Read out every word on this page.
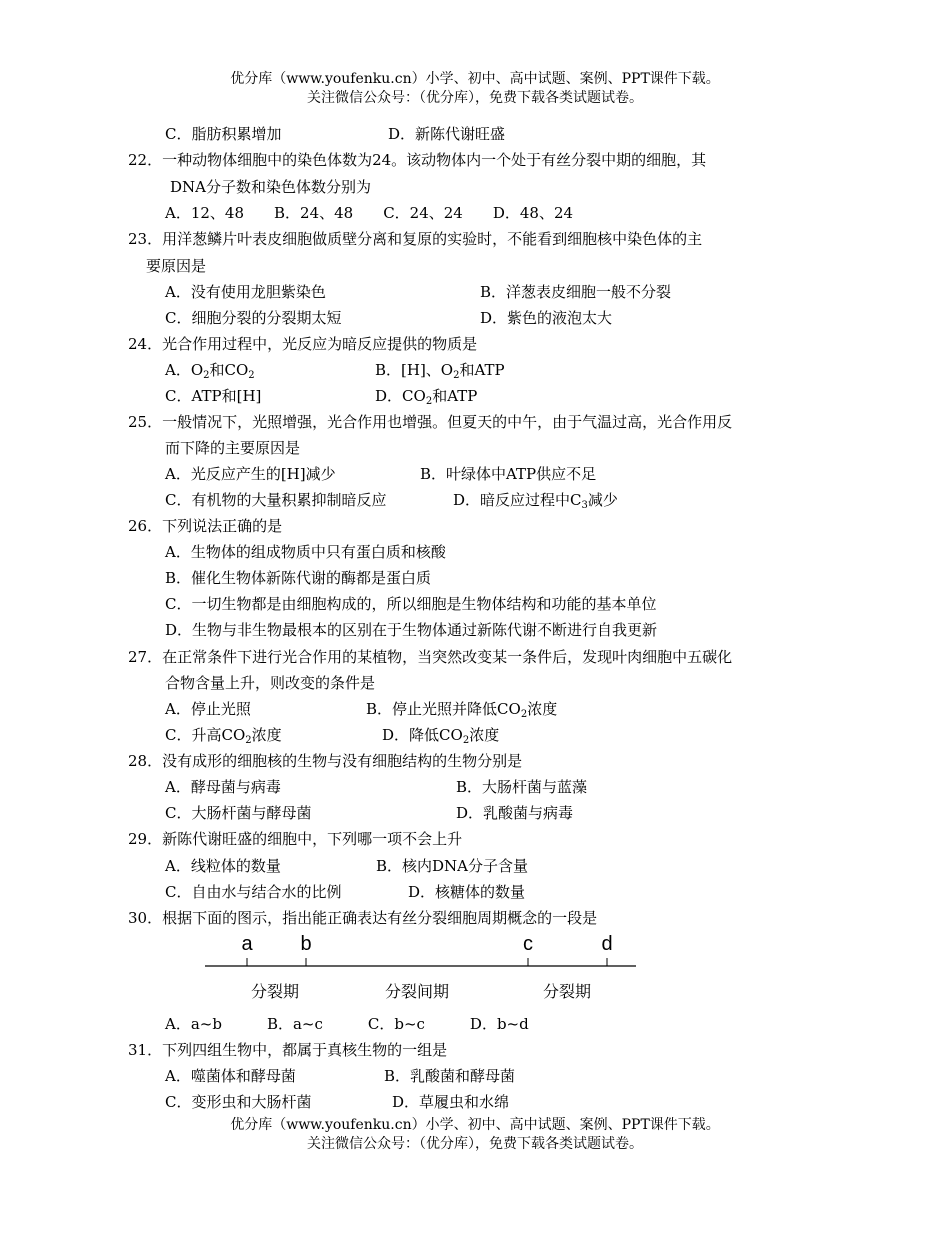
优分库（www.youfenku.cn）小学、初中、高中试题、案例、PPT课件下载。
关注微信公众号：（优分库），免费下载各类试题试卷。
C．脂肪积累增加	D．新陈代谢旺盛
22．一种动物体细胞中的染色体数为24。该动物体内一个处于有丝分裂中期的细胞，其
DNA分子数和染色体数分别为
A．12、48　　B．24、48　　C．24、24　　D．48、24
23．用洋葱鳞片叶表皮细胞做质壁分离和复原的实验时，不能看到细胞核中染色体的主
要原因是
A．没有使用龙胆紫染色	B．洋葱表皮细胞一般不分裂
C．细胞分裂的分裂期太短	D．紫色的液泡太大
24．光合作用过程中，光反应为暗反应提供的物质是
A．$O_2$和$CO_2$	B．[H]、$O_2$和ATP
C．ATP和[H]	D．$CO_2$和ATP
25．一般情况下，光照增强，光合作用也增强。但夏天的中午，由于气温过高，光合作用反
而下降的主要原因是
A．光反应产生的[H]减少	B．叶绿体中ATP供应不足
C．有机物的大量积累抑制暗反应	D．暗反应过程中$C_3$减少
26．下列说法正确的是
A．生物体的组成物质中只有蛋白质和核酸
B．催化生物体新陈代谢的酶都是蛋白质
C．一切生物都是由细胞构成的，所以细胞是生物体结构和功能的基本单位
D．生物与非生物最根本的区别在于生物体通过新陈代谢不断进行自我更新
27．在正常条件下进行光合作用的某植物，当突然改变某一条件后，发现叶肉细胞中五碳化
合物含量上升，则改变的条件是
A．停止光照	B．停止光照并降低$CO_2$浓度
C．升高$CO_2$浓度	D．降低$CO_2$浓度
28．没有成形的细胞核的生物与没有细胞结构的生物分别是
A．酵母菌与病毒	B．大肠杆菌与蓝藻
C．大肠杆菌与酵母菌	D．乳酸菌与病毒
29．新陈代谢旺盛的细胞中，下列哪一项不会上升
A．线粒体的数量	B．核内DNA分子含量
C．自由水与结合水的比例	D．核糖体的数量
30．根据下面的图示，指出能正确表达有丝分裂细胞周期概念的一段是
a b	c	d
分裂期	分裂间期	分裂期
A．a~b　　　B．a~c　　　C．b~c　　　D．b~d
31．下列四组生物中，都属于真核生物的一组是
A．噬菌体和酵母菌	B．乳酸菌和酵母菌
C．变形虫和大肠杆菌	D．草履虫和水绵
优分库（www.youfenku.cn）小学、初中、高中试题、案例、PPT课件下载。
关注微信公众号：（优分库），免费下载各类试题试卷。
